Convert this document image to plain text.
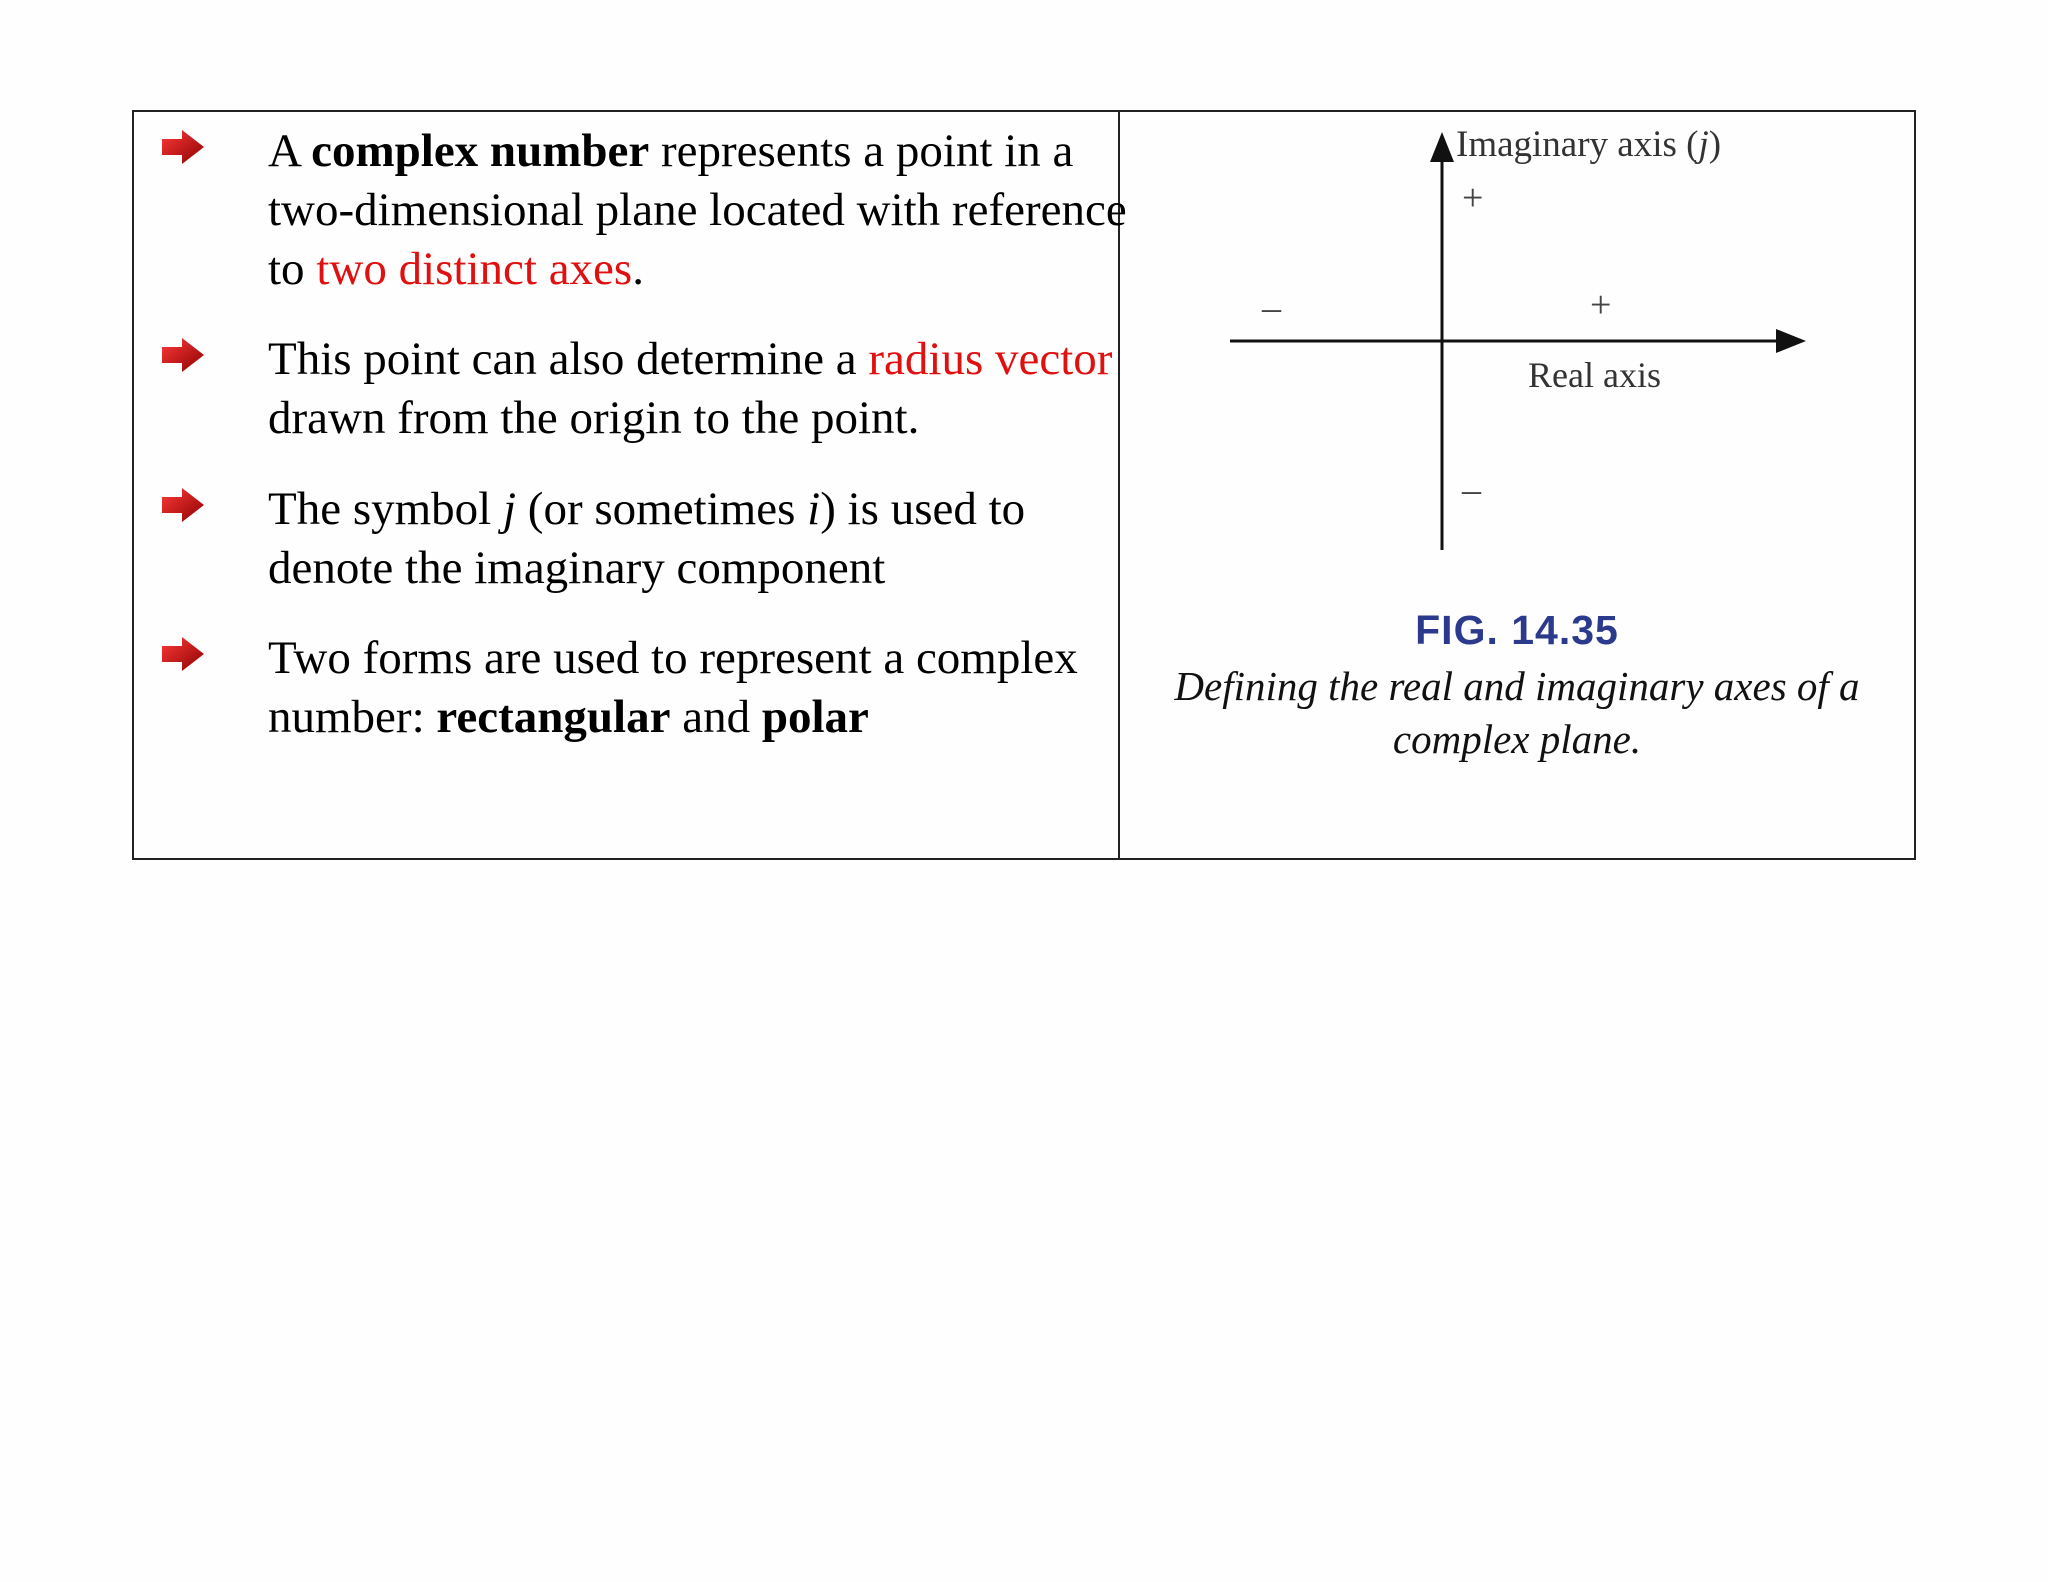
A complex number represents a point in a two-dimensional plane located with reference to two distinct axes.
This point can also determine a radius vector drawn from the origin to the point.
The symbol j (or sometimes i) is used to denote the imaginary component
Two forms are used to represent a complex number: rectangular and polar
Imaginary axis (j)
+
–	+
Real axis
–
FIG. 14.35
Defining the real and imaginary axes of a complex plane.
